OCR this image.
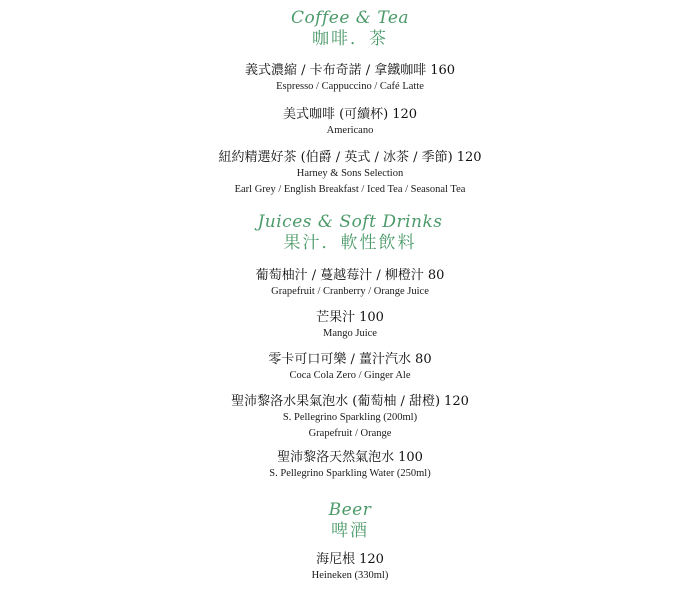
Coffee & Tea
咖啡．茶
義式濃縮 / 卡布奇諾 / 拿鐵咖啡 160
Espresso / Cappuccino / Café Latte
美式咖啡 (可續杯) 120
Americano
紐約精選好茶 (伯爵 / 英式 / 冰茶 / 季節) 120
Harney & Sons Selection
Earl Grey / English Breakfast / Iced Tea / Seasonal Tea
Juices & Soft Drinks
果汁．軟性飲料
葡萄柚汁 / 蔓越莓汁 / 柳橙汁 80
Grapefruit / Cranberry / Orange Juice
芒果汁 100
Mango Juice
零卡可口可樂 / 薑汁汽水 80
Coca Cola Zero / Ginger Ale
聖沛黎洛水果氣泡水 (葡萄柚 / 甜橙) 120
S. Pellegrino Sparkling (200ml)
Grapefruit / Orange
聖沛黎洛天然氣泡水 100
S. Pellegrino Sparkling Water (250ml)
Beer
啤酒
海尼根 120
Heineken (330ml)
